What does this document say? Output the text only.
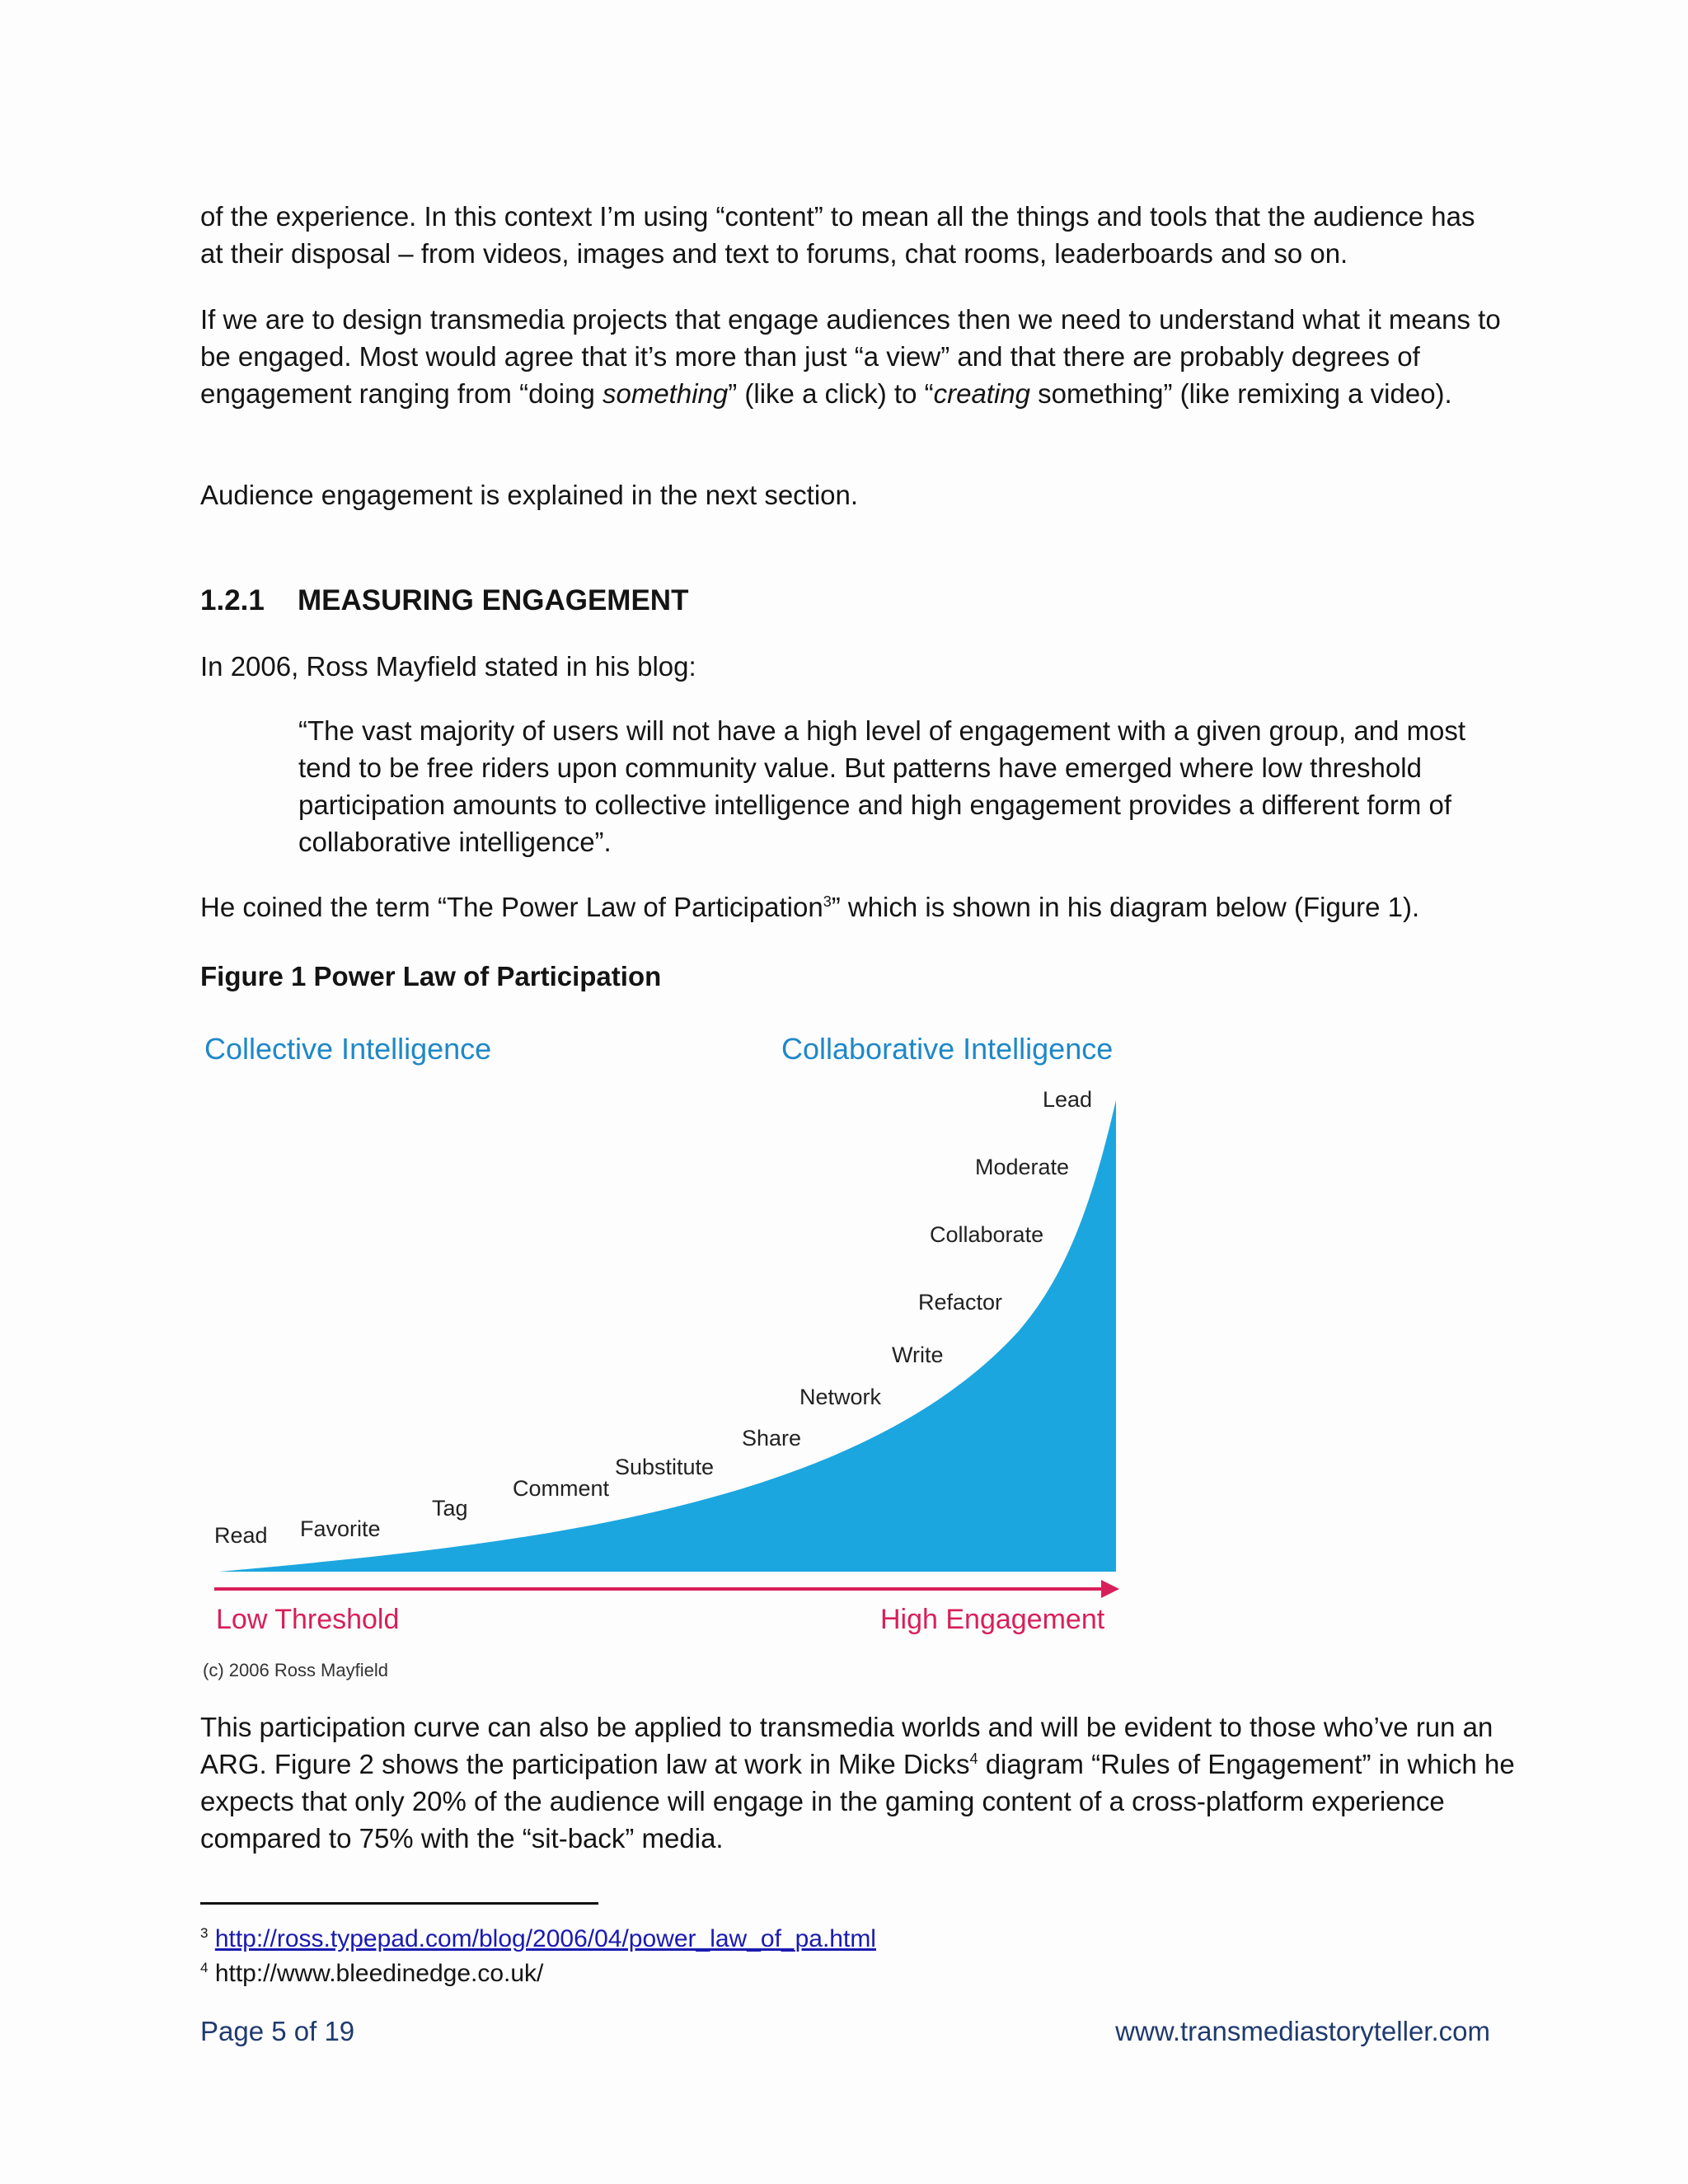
of the experience. In this context I’m using “content” to mean all the things and tools that the audience has at their disposal – from videos, images and text to forums, chat rooms, leaderboards and so on.

If we are to design transmedia projects that engage audiences then we need to understand what it means to be engaged. Most would agree that it’s more than just “a view” and that there are probably degrees of engagement ranging from “doing something” (like a click) to “creating something” (like remixing a video).

Audience engagement is explained in the next section.

1.2.1 MEASURING ENGAGEMENT

In 2006, Ross Mayfield stated in his blog:

“The vast majority of users will not have a high level of engagement with a given group, and most tend to be free riders upon community value. But patterns have emerged where low threshold participation amounts to collective intelligence and high engagement provides a different form of collaborative intelligence”.

He coined the term “The Power Law of Participation$^3$” which is shown in his diagram below (Figure 1).

Figure 1 Power Law of Participation

Collective Intelligence	Collaborative Intelligence
Low Threshold	High Engagement
(c) 2006 Ross Mayfield
Read Favorite
Tag
Comment
Substitute
Share
Network
Write
Refactor
Collaborate
Moderate
Lead

This participation curve can also be applied to transmedia worlds and will be evident to those who’ve run an ARG. Figure 2 shows the participation law at work in Mike Dicks$^4$ diagram “Rules of Engagement” in which he expects that only 20% of the audience will engage in the gaming content of a cross-platform experience compared to 75% with the “sit-back” media.

$^3$ http://ross.typepad.com/blog/2006/04/power_law_of_pa.html

$^4$ http://www.bleedinedge.co.uk/

Page 5 of 19	www.transmediastoryteller.com
